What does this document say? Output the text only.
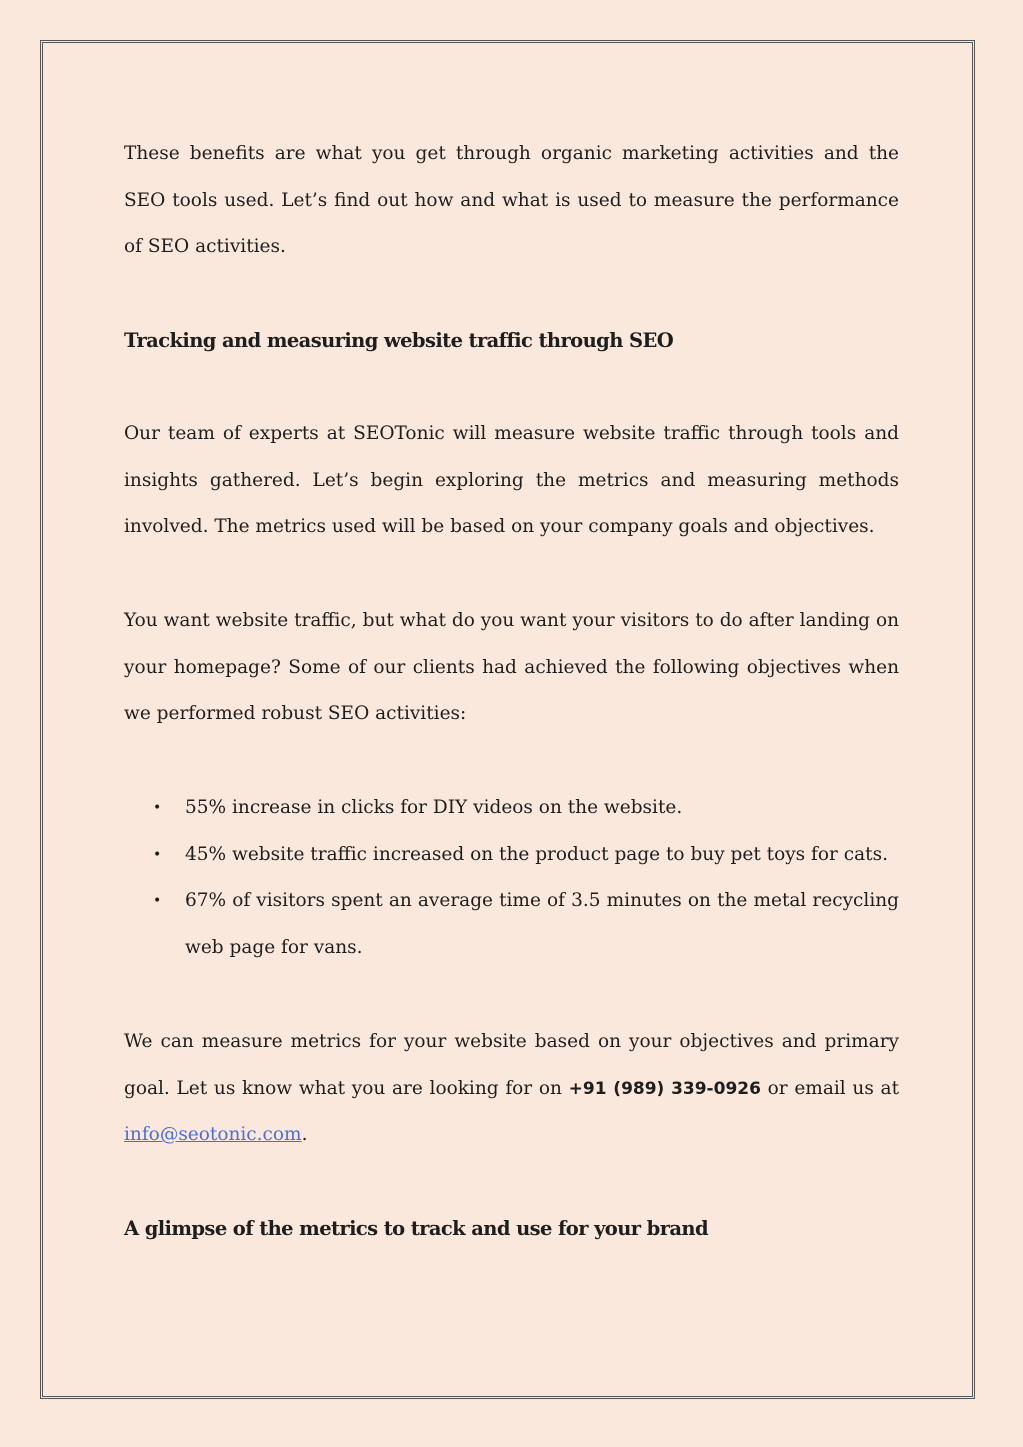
These benefits are what you get through organic marketing activities and the SEO tools used. Let’s find out how and what is used to measure the performance of SEO activities.

Tracking and measuring website traffic through SEO

Our team of experts at SEOTonic will measure website traffic through tools and insights gathered. Let’s begin exploring the metrics and measuring methods involved. The metrics used will be based on your company goals and objectives.

You want website traffic, but what do you want your visitors to do after landing on your homepage? Some of our clients had achieved the following objectives when we performed robust SEO activities:

• 55% increase in clicks for DIY videos on the website.
• 45% website traffic increased on the product page to buy pet toys for cats.
• 67% of visitors spent an average time of 3.5 minutes on the metal recycling web page for vans.

We can measure metrics for your website based on your objectives and primary goal. Let us know what you are looking for on +91 (989) 339-0926 or email us at info@seotonic.com.

A glimpse of the metrics to track and use for your brand
